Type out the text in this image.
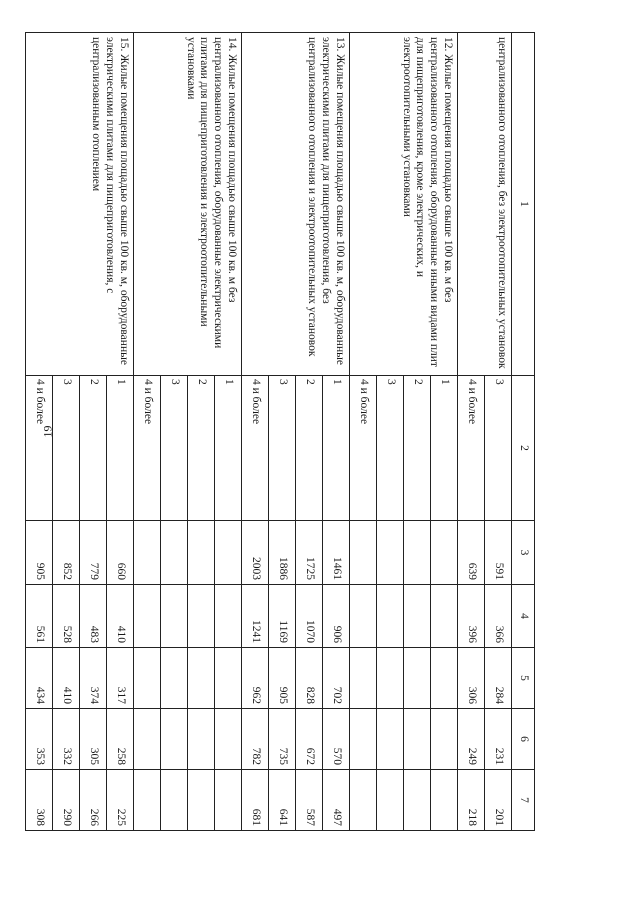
19
1	2	3	4	5	6	7
централизованного отопления, без электроотопительных установок	3	591	366	284	231	201
	4 и более	639	396	306	249	218
12. Жилые помещения площадью свыше 100 кв. м без централизованного отопления, оборудованные иными видами плит для пищеприготовления, кроме электрических, и электроотопительными установками	1					
	2					
	3					
	4 и более					
13. Жилые помещения площадью свыше 100 кв. м, оборудованные электрическими плитами для пищеприготовления, без централизованного отопления и электроотопительных установок	1	1461	906	702	570	497
	2	1725	1070	828	672	587
	3	1886	1169	905	735	641
	4 и более	2003	1241	962	782	681
14. Жилые помещения площадью свыше 100 кв. м без централизованного отопления, оборудованные электрическими плитами для пищеприготовления и электроотопительными установками	1					
	2					
	3					
	4 и более					
15. Жилые помещения площадью свыше 100 кв. м, оборудованные электрическими плитами для пищеприготовления, с централизованным отоплением	1	660	410	317	258	225
	2	779	483	374	305	266
	3	852	528	410	332	290
	4 и более	905	561	434	353	308
